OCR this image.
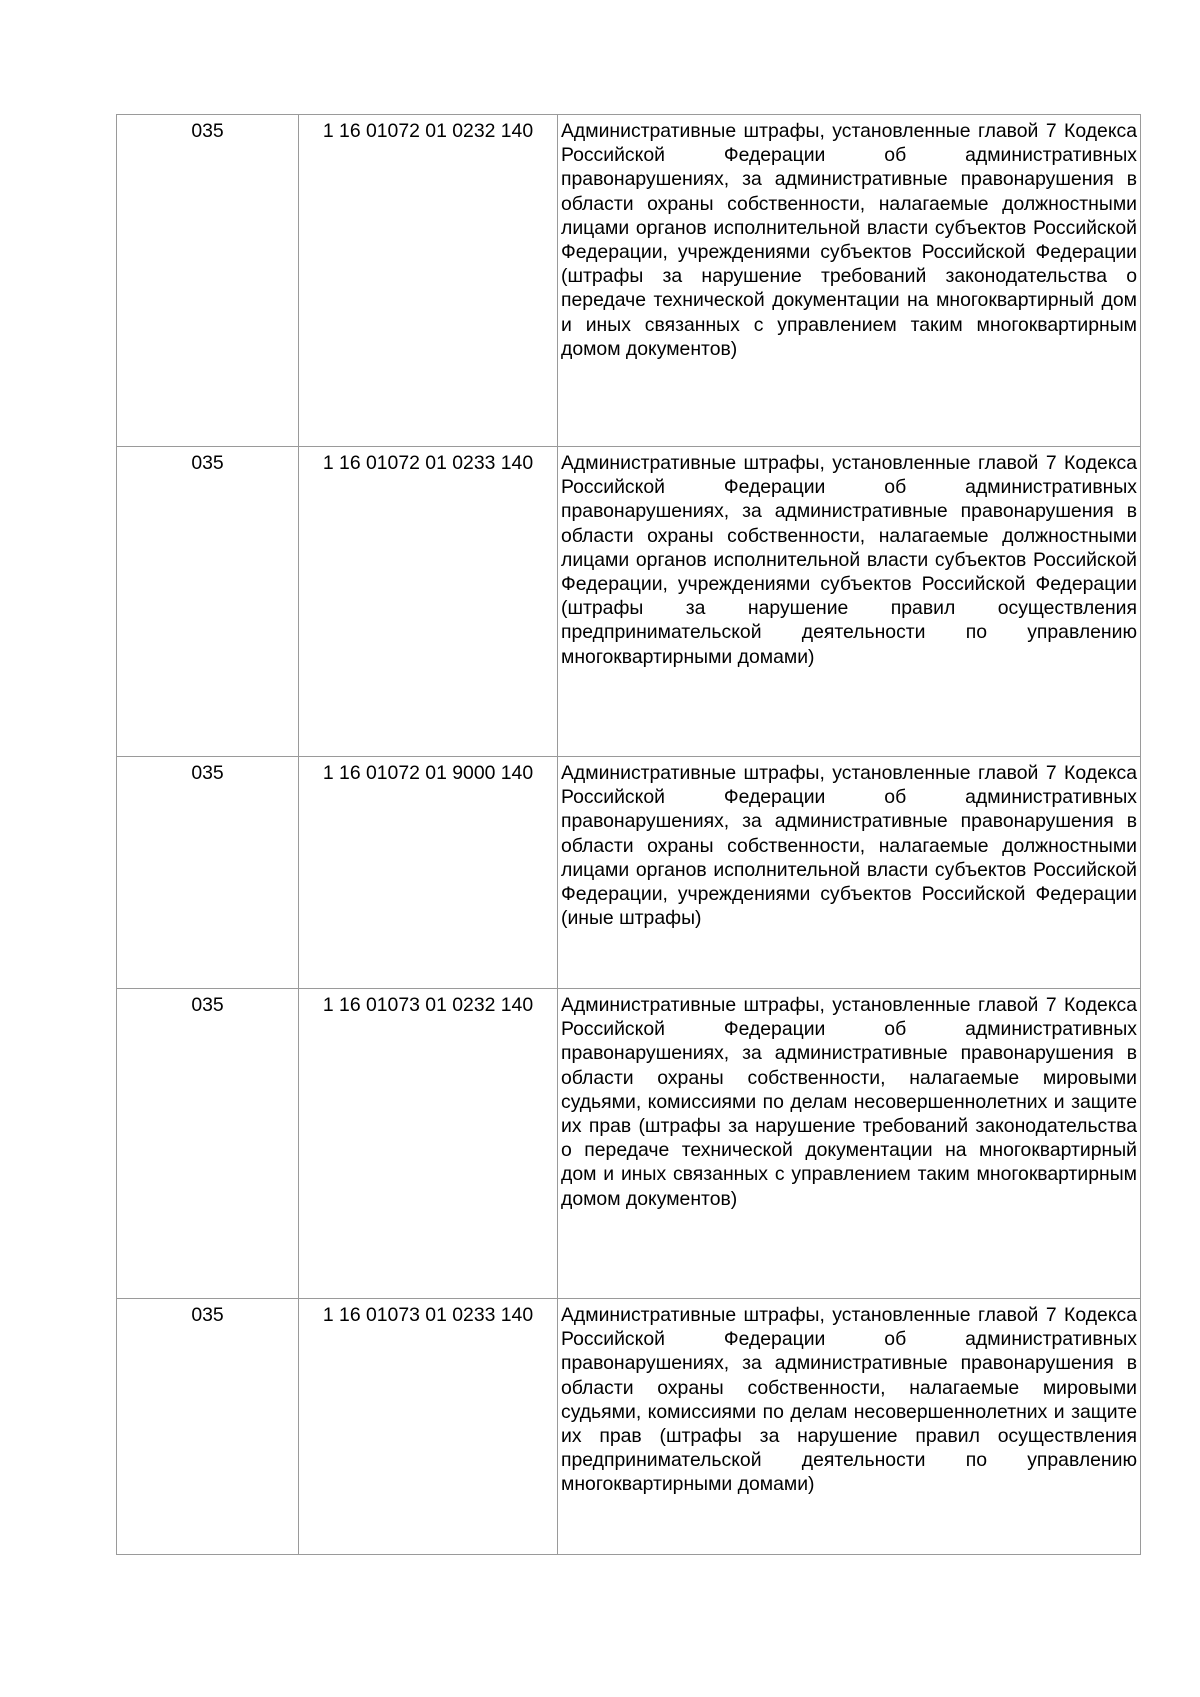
035	1 16 01072 01 0232 140	Административные штрафы, установленные главой 7 Кодекса Российской Федерации об административных правонарушениях, за административные правонарушения в области охраны собственности, налагаемые должностными лицами органов исполнительной власти субъектов Российской Федерации, учреждениями субъектов Российской Федерации (штрафы за нарушение требований законодательства о передаче технической документации на многоквартирный дом и иных связанных с управлением таким многоквартирным домом документов)
035	1 16 01072 01 0233 140	Административные штрафы, установленные главой 7 Кодекса Российской Федерации об административных правонарушениях, за административные правонарушения в области охраны собственности, налагаемые должностными лицами органов исполнительной власти субъектов Российской Федерации, учреждениями субъектов Российской Федерации (штрафы за нарушение правил осуществления предпринимательской деятельности по управлению многоквартирными домами)
035	1 16 01072 01 9000 140	Административные штрафы, установленные главой 7 Кодекса Российской Федерации об административных правонарушениях, за административные правонарушения в области охраны собственности, налагаемые должностными лицами органов исполнительной власти субъектов Российской Федерации, учреждениями субъектов Российской Федерации (иные штрафы)
035	1 16 01073 01 0232 140	Административные штрафы, установленные главой 7 Кодекса Российской Федерации об административных правонарушениях, за административные правонарушения в области охраны собственности, налагаемые мировыми судьями, комиссиями по делам несовершеннолетних и защите их прав (штрафы за нарушение требований законодательства о передаче технической документации на многоквартирный дом и иных связанных с управлением таким многоквартирным домом документов)
035	1 16 01073 01 0233 140	Административные штрафы, установленные главой 7 Кодекса Российской Федерации об административных правонарушениях, за административные правонарушения в области охраны собственности, налагаемые мировыми судьями, комиссиями по делам несовершеннолетних и защите их прав (штрафы за нарушение правил осуществления предпринимательской деятельности по управлению многоквартирными домами)
